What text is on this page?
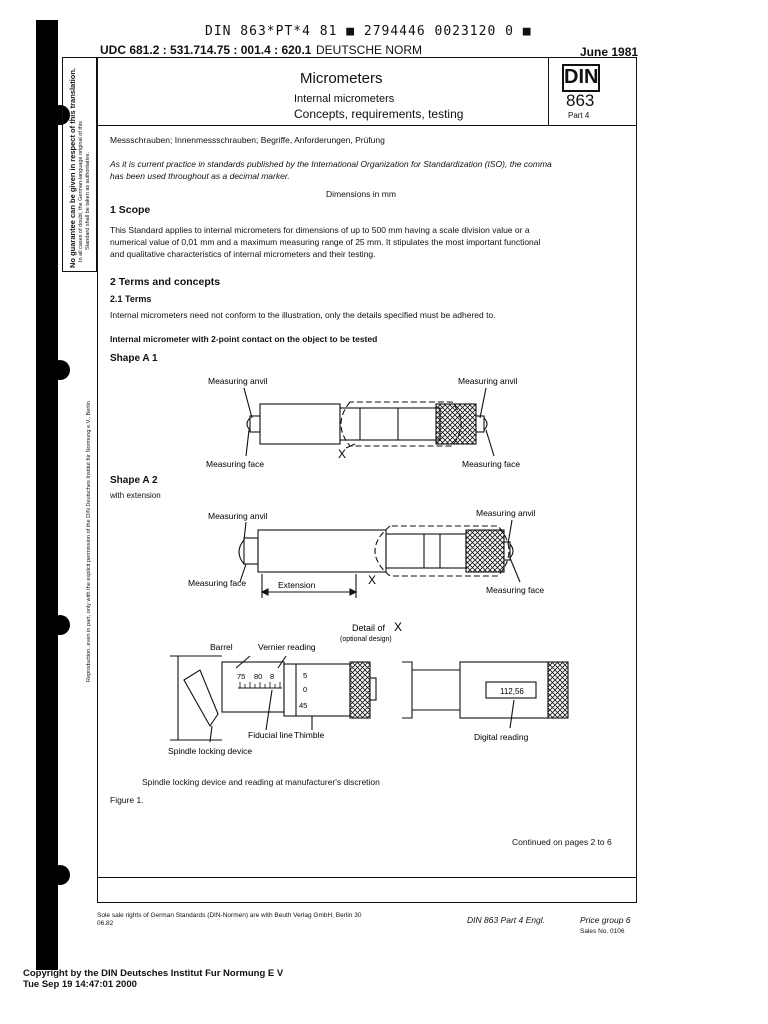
DIN 863*PT*4 81 ■ 2794446 0023120 0 ■
UDC 681.2 : 531.714.75 : 001.4 : 620.1 DEUTSCHE NORM	June 1981
No guarantee can be given in respect of this translation. In all cases of doubt, the German-language original of this Standard shall be taken as authoritative.
Reproduction, even in part, only with the explicit permission of the DIN Deutsches Institut für Normung e.V., Berlin
Micrometers
Internal micrometers
Concepts, requirements, testing
DIN
863
Part 4
Messschrauben; Innenmessschrauben; Begriffe, Anforderungen, Prüfung
As it is current practice in standards published by the International Organization for Standardization (ISO), the comma
has been used throughout as a decimal marker.
Dimensions in mm
1 Scope
This Standard applies to internal micrometers for dimensions of up to 500 mm having a scale division value or a
numerical value of 0,01 mm and a maximum measuring range of 25 mm. It stipulates the most important functional
and qualitative characteristics of internal micrometers and their testing.
2 Terms and concepts
2.1 Terms
Internal micrometers need not conform to the illustration, only the details specified must be adhered to.
Internal micrometer with 2-point contact on the object to be tested
Shape A 1
Shape A 2
with extension
Spindle locking device and reading at manufacturer's discretion
Figure 1.
Continued on pages 2 to 6
Measuring anvil	Measuring anvil
Measuring face	Measuring face
X
Measuring anvil	Measuring anvil
Measuring face
Measuring face
Extension	X
Detail of X
(optional design)
Barrel	Vernier reading
75 80 8	5
0
45
Fiducial line Thimble
Spindle locking device
112,56
Digital reading
Sole sale rights of German Standards (DIN-Normen) are with Beuth Verlag GmbH, Berlin 30
06.82	DIN 863 Part 4 Engl.	Price group 6
Sales No. 0106
Copyright by the DIN Deutsches Institut Fur Normung E V
Tue Sep 19 14:47:01 2000
